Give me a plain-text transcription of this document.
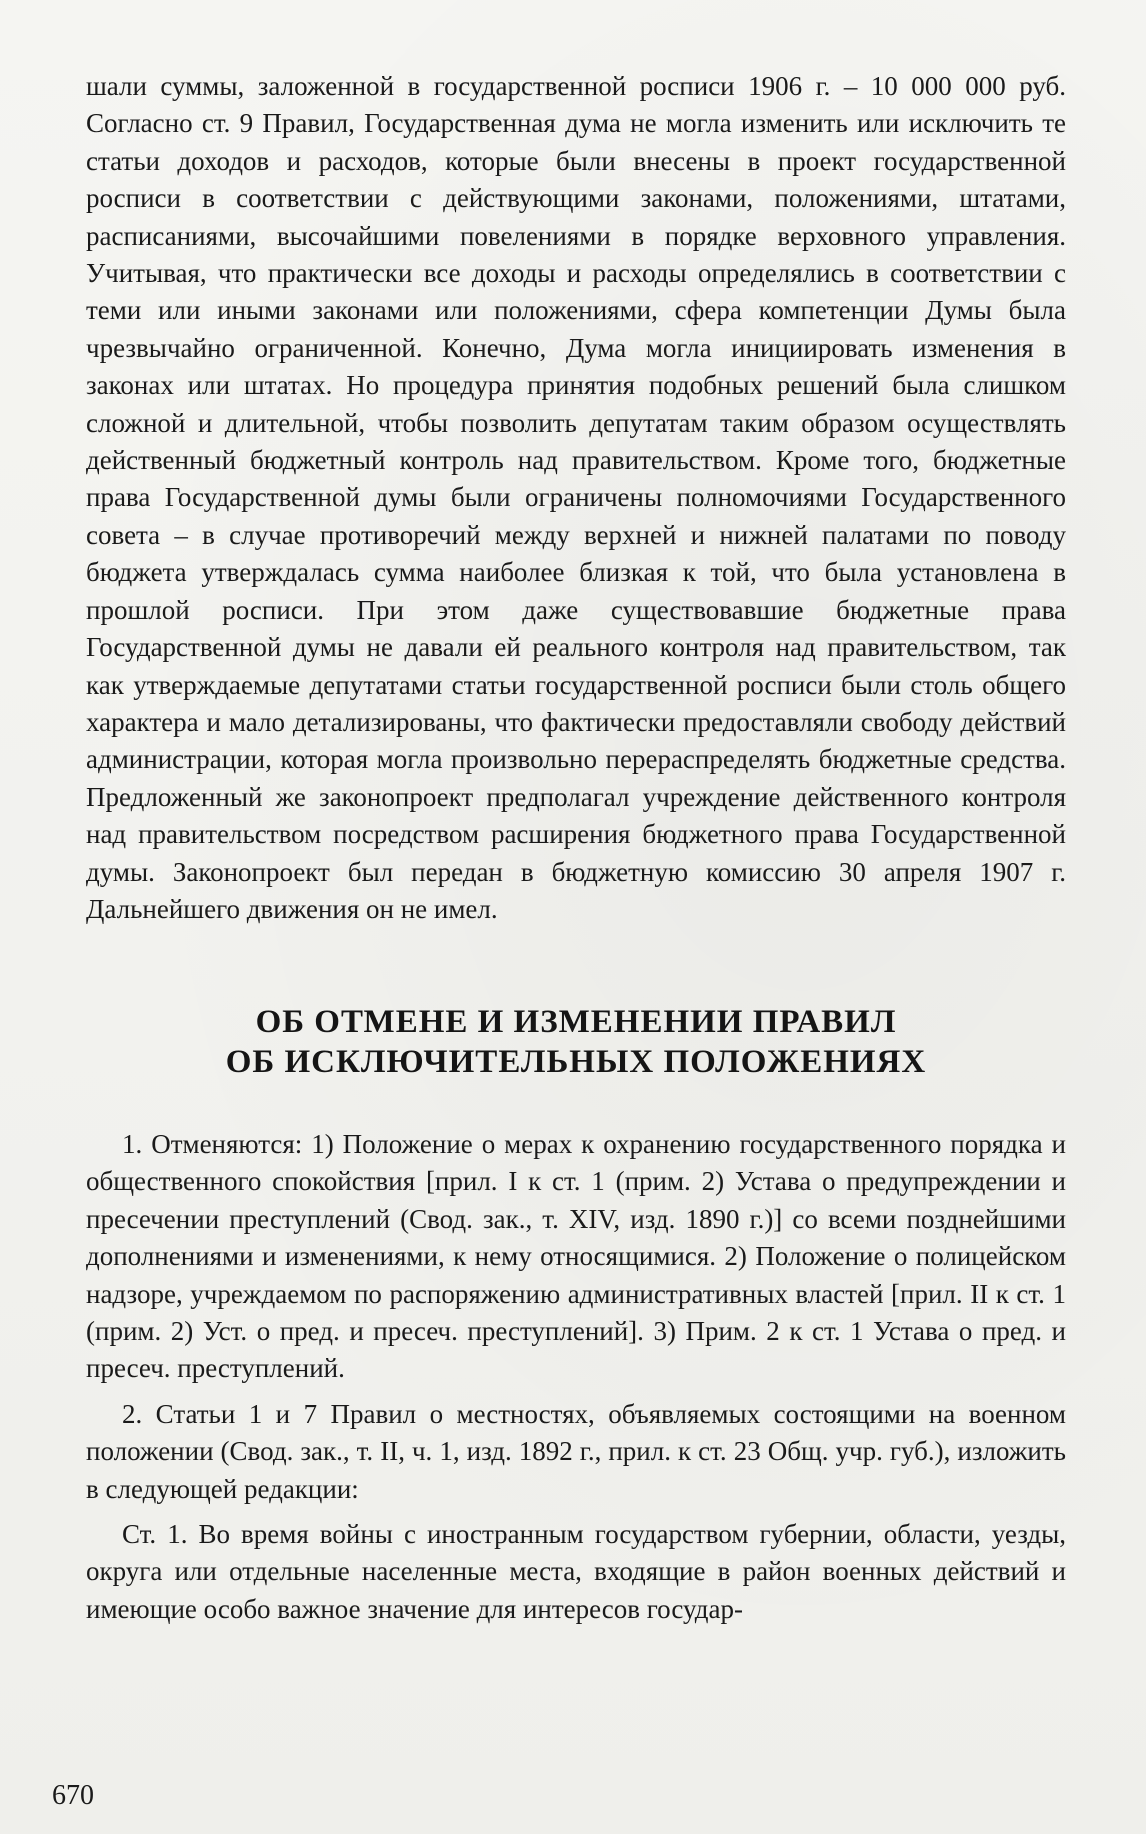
шали суммы, заложенной в государственной росписи 1906 г. – 10 000 000 руб. Согласно ст. 9 Правил, Государственная дума не могла изменить или исключить те статьи доходов и расходов, которые были внесены в проект государственной росписи в соответствии с действующими законами, положениями, штатами, расписаниями, высочайшими повелениями в порядке верховного управления. Учитывая, что практически все доходы и расходы определялись в соответствии с теми или иными законами или положениями, сфера компетенции Думы была чрезвычайно ограниченной. Конечно, Дума могла инициировать изменения в законах или штатах. Но процедура принятия подобных решений была слишком сложной и длительной, чтобы позволить депутатам таким образом осуществлять действенный бюджетный контроль над правительством. Кроме того, бюджетные права Государственной думы были ограничены полномочиями Государственного совета – в случае противоречий между верхней и нижней палатами по поводу бюджета утверждалась сумма наиболее близкая к той, что была установлена в прошлой росписи. При этом даже существовавшие бюджетные права Государственной думы не давали ей реального контроля над правительством, так как утверждаемые депутатами статьи государственной росписи были столь общего характера и мало детализированы, что фактически предоставляли свободу действий администрации, которая могла произвольно перераспределять бюджетные средства. Предложенный же законопроект предполагал учреждение действенного контроля над правительством посредством расширения бюджетного права Государственной думы. Законопроект был передан в бюджетную комиссию 30 апреля 1907 г. Дальнейшего движения он не имел.

ОБ ОТМЕНЕ И ИЗМЕНЕНИИ ПРАВИЛ
ОБ ИСКЛЮЧИТЕЛЬНЫХ ПОЛОЖЕНИЯХ

1. Отменяются: 1) Положение о мерах к охранению государственного порядка и общественного спокойствия [прил. I к ст. 1 (прим. 2) Устава о предупреждении и пресечении преступлений (Свод. зак., т. XIV, изд. 1890 г.)] со всеми позднейшими дополнениями и изменениями, к нему относящимися. 2) Положение о полицейском надзоре, учреждаемом по распоряжению административных властей [прил. II к ст. 1 (прим. 2) Уст. о пред. и пресеч. преступлений]. 3) Прим. 2 к ст. 1 Устава о пред. и пресеч. преступлений.

2. Статьи 1 и 7 Правил о местностях, объявляемых состоящими на военном положении (Свод. зак., т. II, ч. 1, изд. 1892 г., прил. к ст. 23 Общ. учр. губ.), изложить в следующей редакции:

Ст. 1. Во время войны с иностранным государством губернии, области, уезды, округа или отдельные населенные места, входящие в район военных действий и имеющие особо важное значение для интересов государ-

670
